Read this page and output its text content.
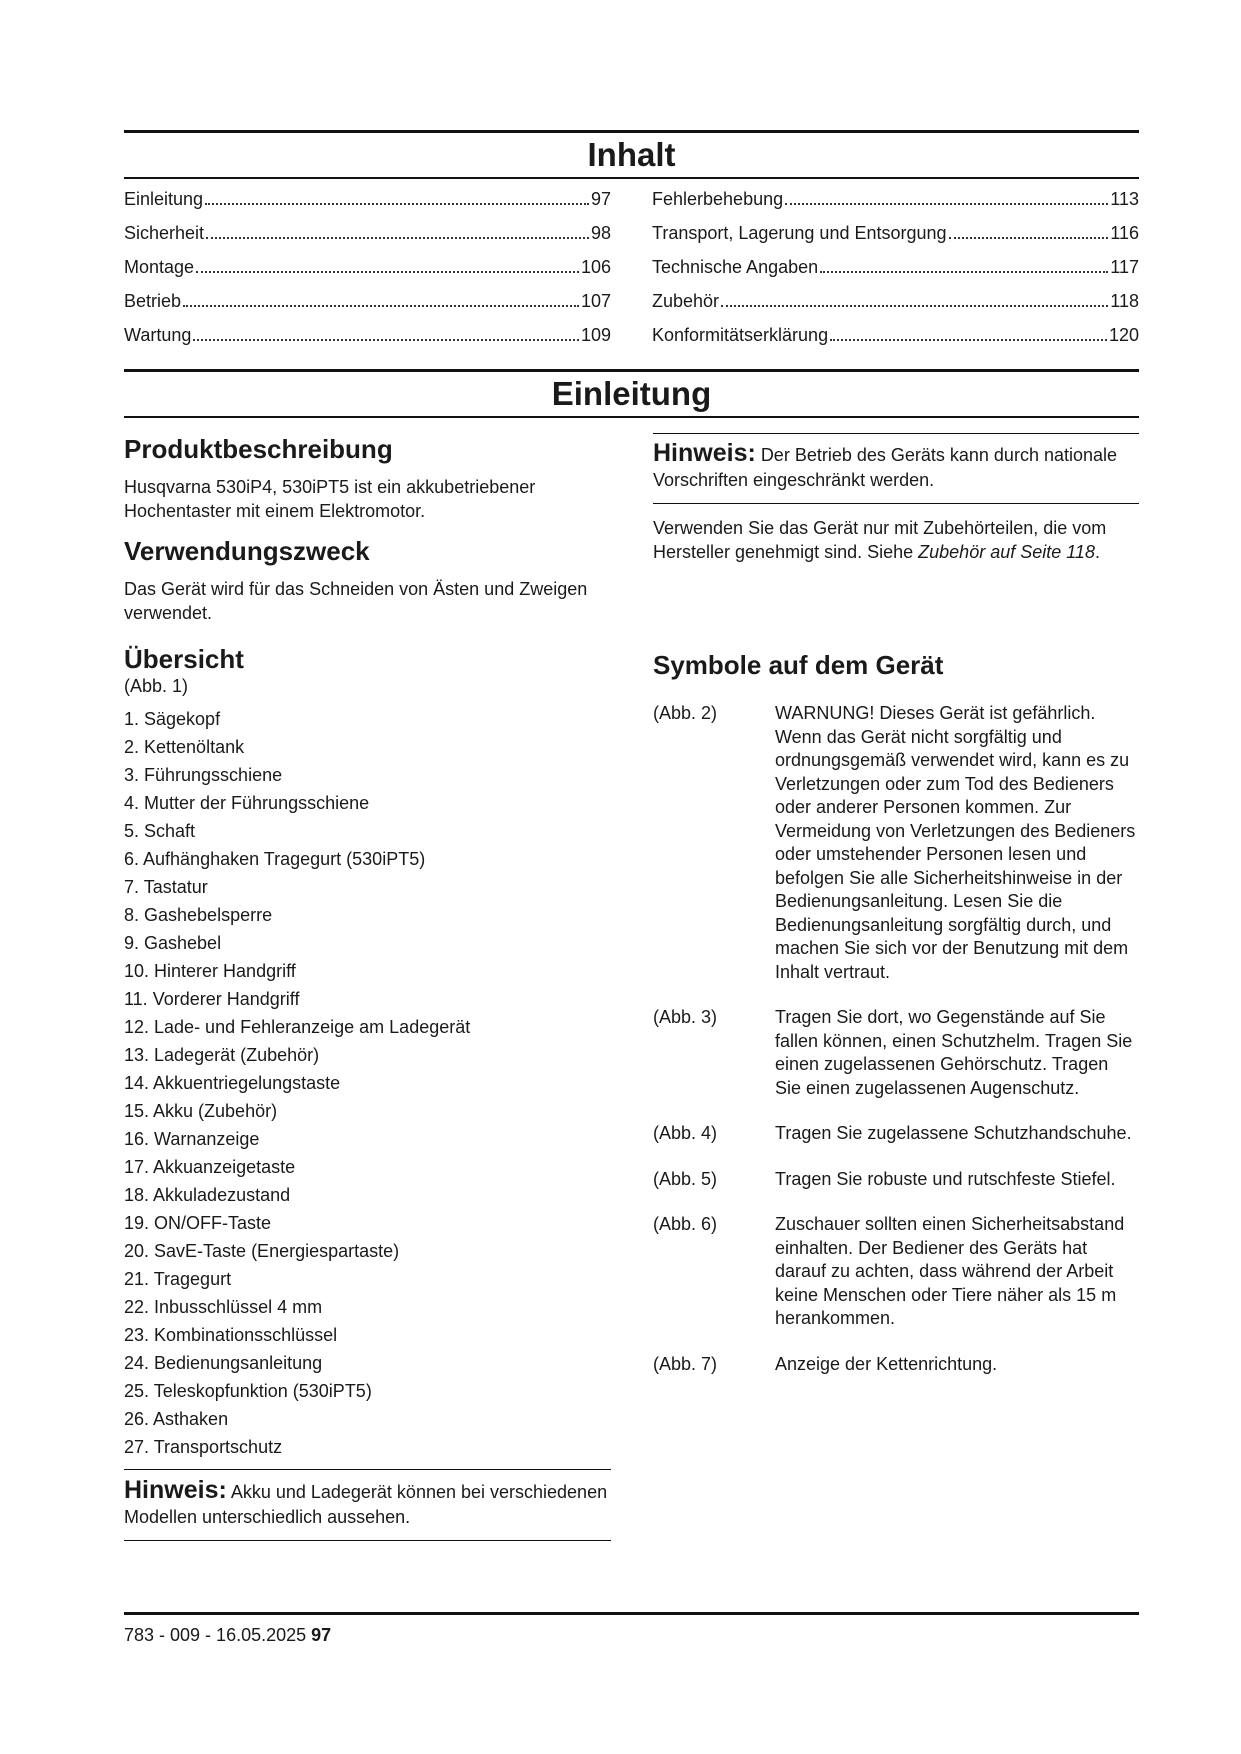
Inhalt
Einleitung	97
Sicherheit	98
Montage	106
Betrieb	107
Wartung	109
Fehlerbehebung	113
Transport, Lagerung und Entsorgung	116
Technische Angaben	117
Zubehör	118
Konformitätserklärung	120
Einleitung
Produktbeschreibung

Husqvarna 530iP4, 530iPT5 ist ein akkubetriebener Hochentaster mit einem Elektromotor.

Verwendungszweck

Das Gerät wird für das Schneiden von Ästen und Zweigen verwendet.

Übersicht

(Abb. 1)

1. Sägekopf
2. Kettenöltank
3. Führungsschiene
4. Mutter der Führungsschiene
5. Schaft
6. Aufhänghaken Tragegurt (530iPT5)
7. Tastatur
8. Gashebelsperre
9. Gashebel
10. Hinterer Handgriff
11. Vorderer Handgriff
12. Lade- und Fehleranzeige am Ladegerät
13. Ladegerät (Zubehör)
14. Akkuentriegelungstaste
15. Akku (Zubehör)
16. Warnanzeige
17. Akkuanzeigetaste
18. Akkuladezustand
19. ON/OFF-Taste
20. SavE-Taste (Energiespartaste)
21. Tragegurt
22. Inbusschlüssel 4 mm
23. Kombinationsschlüssel
24. Bedienungsanleitung
25. Teleskopfunktion (530iPT5)
26. Asthaken
27. Transportschutz
Hinweis: Akku und Ladegerät können bei verschiedenen Modellen unterschiedlich aussehen.
Hinweis: Der Betrieb des Geräts kann durch nationale Vorschriften eingeschränkt werden.

Verwenden Sie das Gerät nur mit Zubehörteilen, die vom Hersteller genehmigt sind. Siehe Zubehör auf Seite 118.

Symbole auf dem Gerät
(Abb. 2)	WARNUNG! Dieses Gerät ist gefährlich. Wenn das Gerät nicht sorgfältig und ordnungsgemäß verwendet wird, kann es zu Verletzungen oder zum Tod des Bedieners oder anderer Personen kommen. Zur Vermeidung von Verletzungen des Bedieners oder umstehender Personen lesen und befolgen Sie alle Sicherheitshinweise in der Bedienungsanleitung. Lesen Sie die Bedienungsanleitung sorgfältig durch, und machen Sie sich vor der Benutzung mit dem Inhalt vertraut.
(Abb. 3)	Tragen Sie dort, wo Gegenstände auf Sie fallen können, einen Schutzhelm. Tragen Sie einen zugelassenen Gehörschutz. Tragen Sie einen zugelassenen Augenschutz.
(Abb. 4)	Tragen Sie zugelassene Schutzhandschuhe.
(Abb. 5)	Tragen Sie robuste und rutschfeste Stiefel.
(Abb. 6)	Zuschauer sollten einen Sicherheitsabstand einhalten. Der Bediener des Geräts hat darauf zu achten, dass während der Arbeit keine Menschen oder Tiere näher als 15 m herankommen.
(Abb. 7)	Anzeige der Kettenrichtung.
783 - 009 - 16.05.2025 97
